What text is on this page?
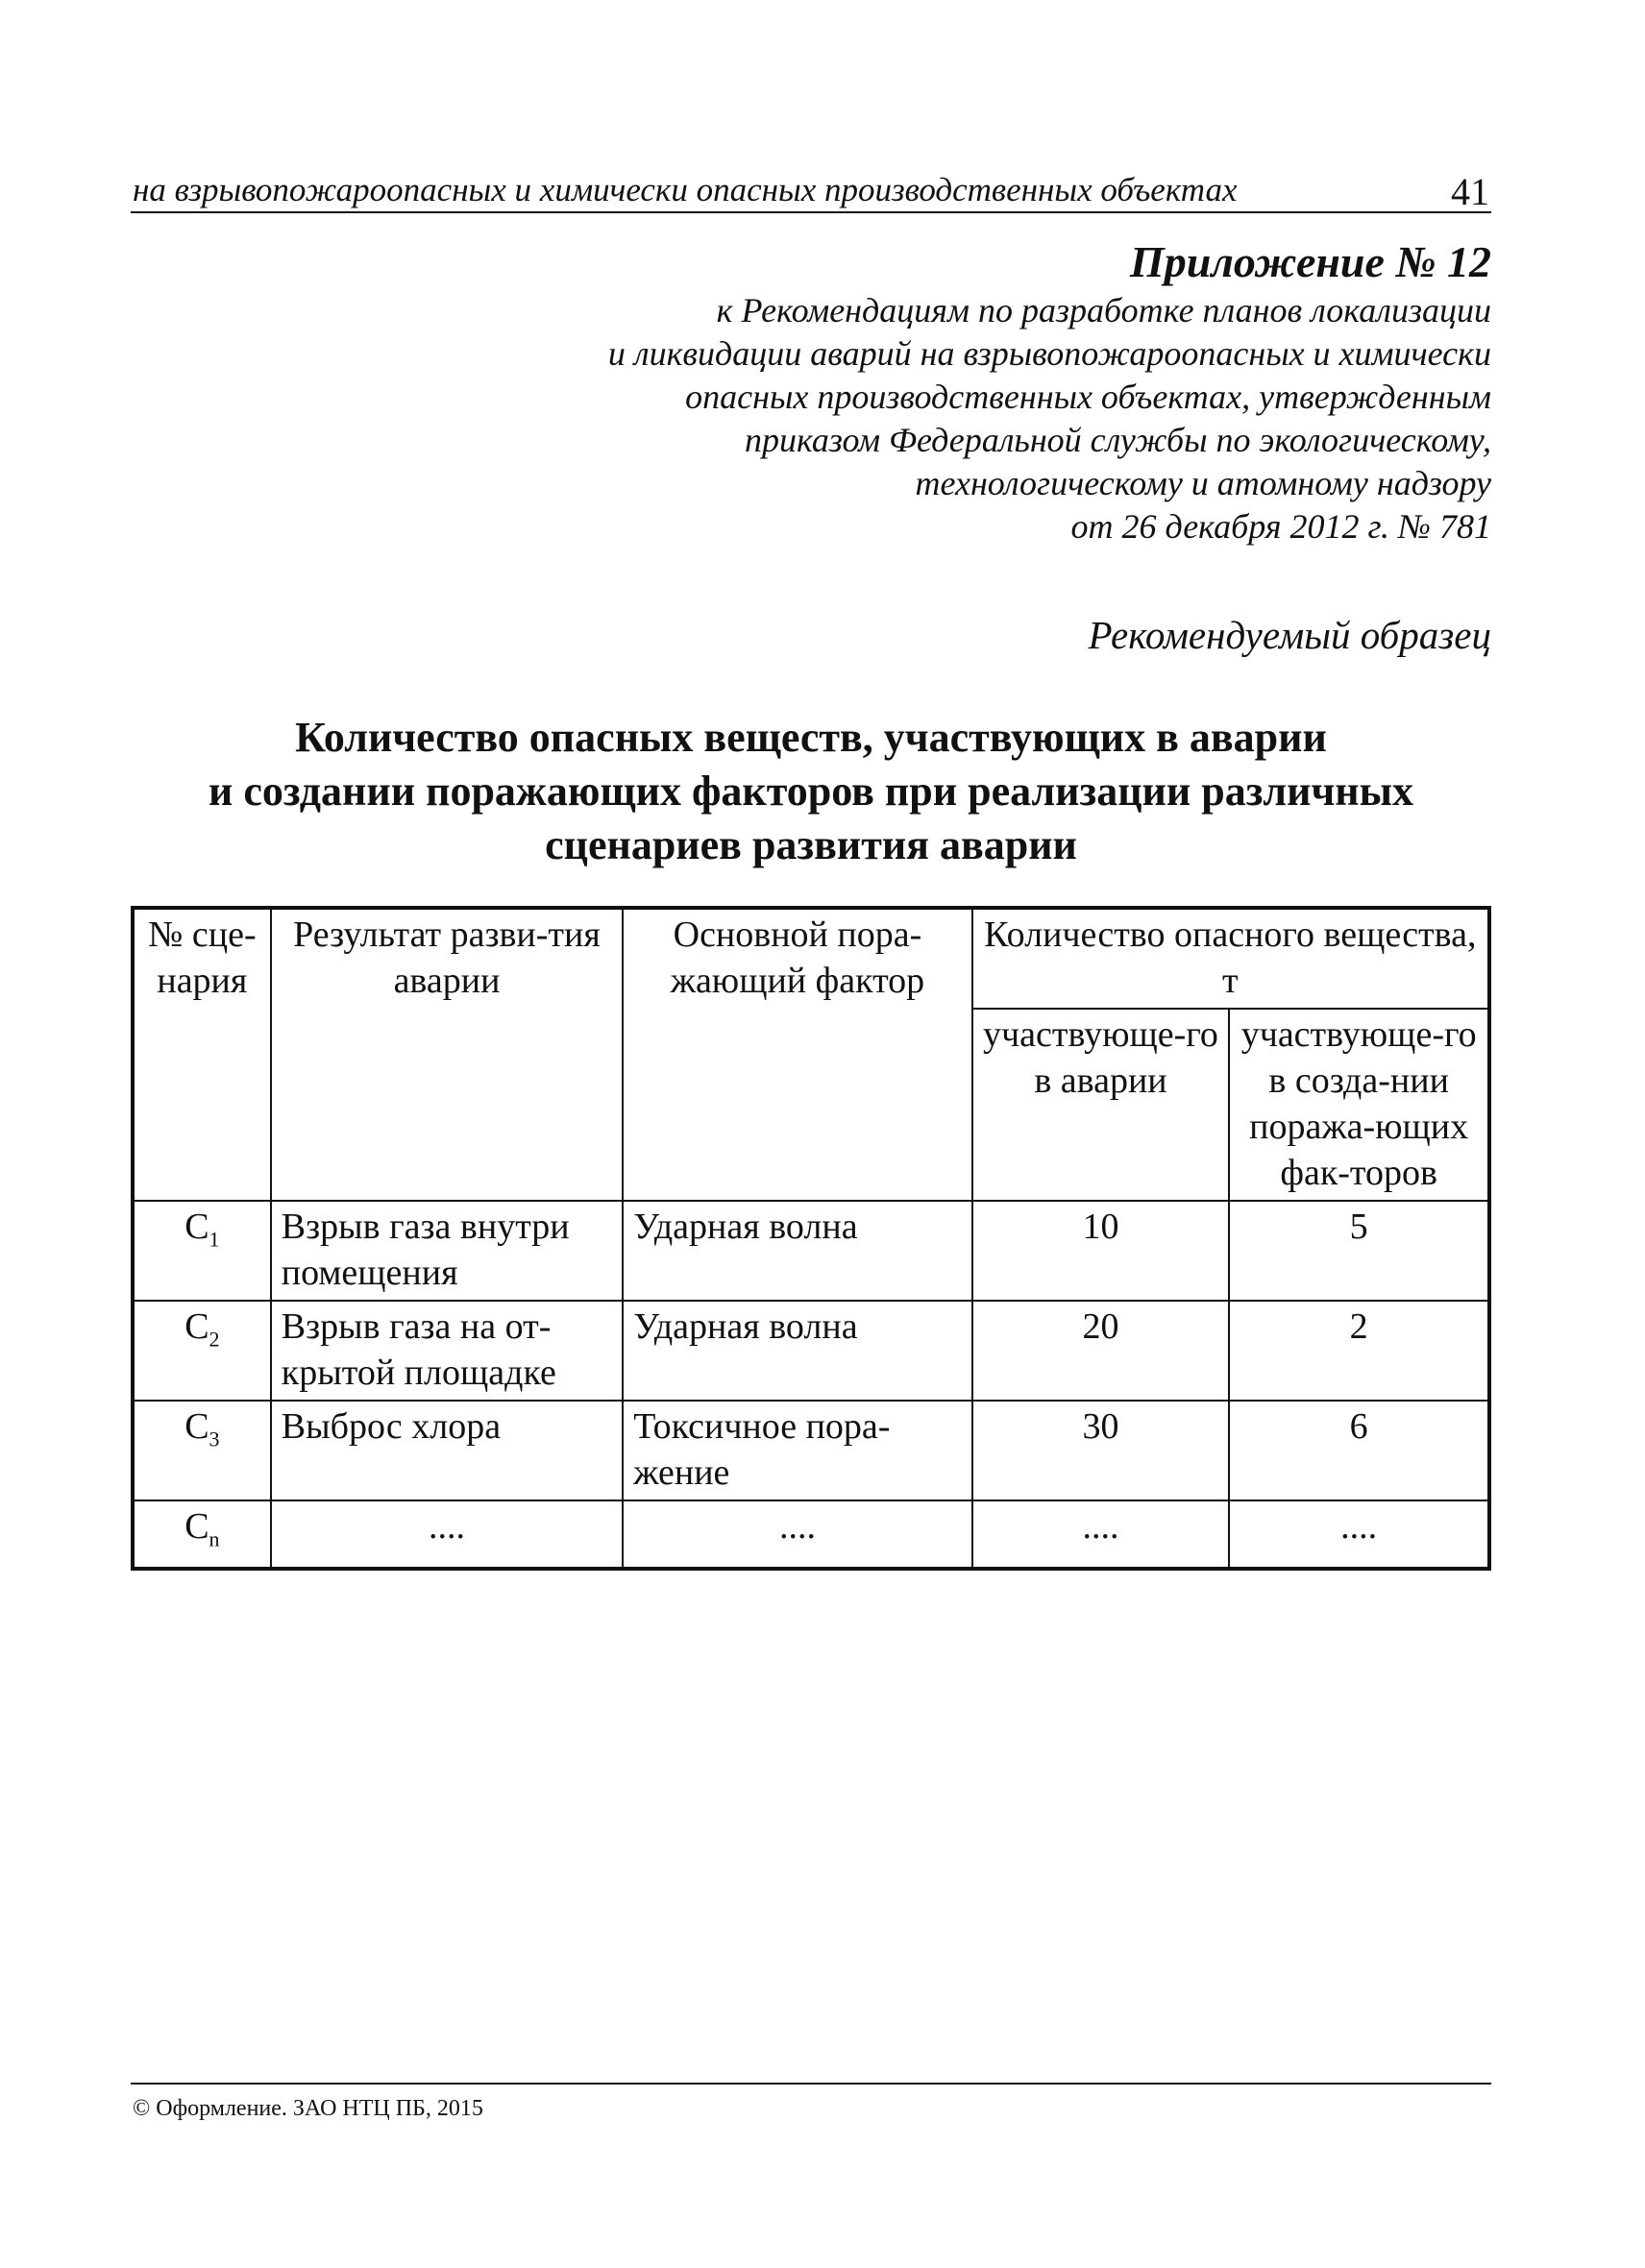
на взрывопожароопасных и химически опасных производственных объектах	41
Приложение № 12
к Рекомендациям по разработке планов локализации
и ликвидации аварий на взрывопожароопасных и химически
опасных производственных объектах, утвержденным
приказом Федеральной службы по экологическому,
технологическому и атомному надзору
от 26 декабря 2012 г. № 781
Рекомендуемый образец
Количество опасных веществ, участвующих в аварии
и создании поражающих факторов при реализации различных
сценариев развития аварии
№ сце-нария	Результат разви-тия аварии	Основной пора-жающий фактор	Количество опасного вещества, т	
			участвующе-го в аварии	участвующе-го в созда-нии поража-ющих фак-торов
$C_1$	Взрыв газа внутри помещения	Ударная волна	10	5
$C_2$	Взрыв газа на от-крытой площадке	Ударная волна	20	2
$C_3$	Выброс хлора	Токсичное пора-жение	30	6
$C_n$	....	....	....	....
© Оформление. ЗАО НТЦ ПБ, 2015
